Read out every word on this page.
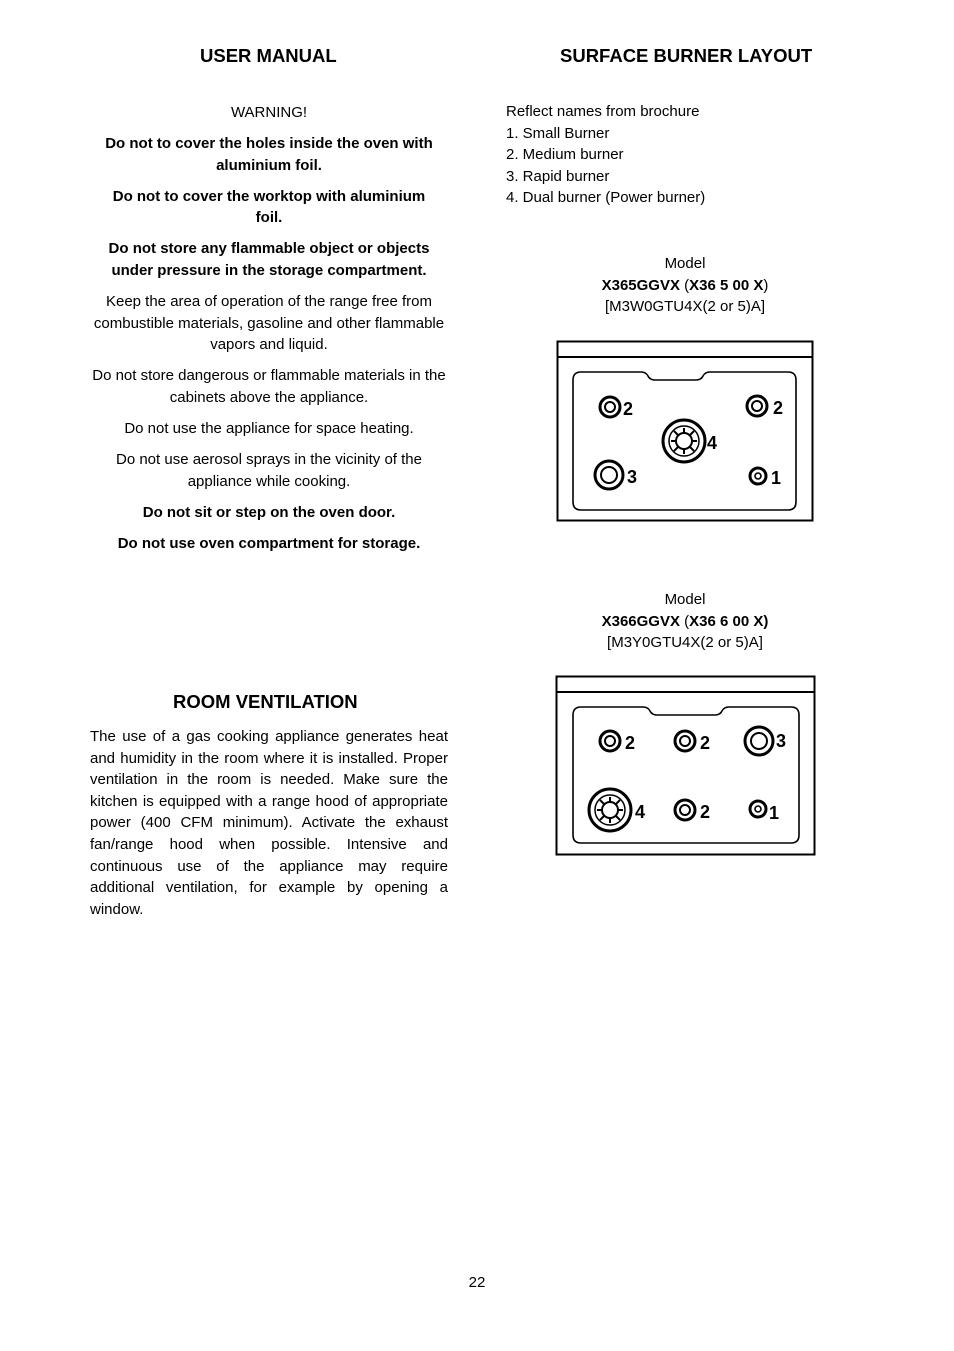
USER MANUAL

WARNING!

Do not to cover the holes inside the oven with aluminium foil.

Do not to cover the worktop with aluminium foil.

Do not store any flammable object or objects under pressure in the storage compartment.

Keep the area of operation of the range free from combustible materials, gasoline and other flammable vapors and liquid.

Do not store dangerous or flammable materials in the cabinets above the appliance.

Do not use the appliance for space heating.

Do not use aerosol sprays in the vicinity of the appliance while cooking.

Do not sit or step on the oven door.

Do not use oven compartment for storage.

ROOM VENTILATION
The use of a gas cooking appliance generates heat and humidity in the room where it is installed. Proper ventilation in the room is needed. Make sure the kitchen is equipped with a range hood of appropriate power (400 CFM minimum). Activate the exhaust fan/range hood when possible. Intensive and continuous use of the appliance may require additional ventilation, for example by opening a window.
SURFACE BURNER LAYOUT
Reflect names from brochure
1. Small Burner
2. Medium burner
3. Rapid burner
4. Dual burner (Power burner)
Model
X365GGVX (X36 5 00 X)
[M3W0GTU4X(2 or 5)A]
2	2
4
3	1
Model
X366GGVX (X36 6 00 X)
[M3Y0GTU4X(2 or 5)A]
2	2	3
4	2	1
22
